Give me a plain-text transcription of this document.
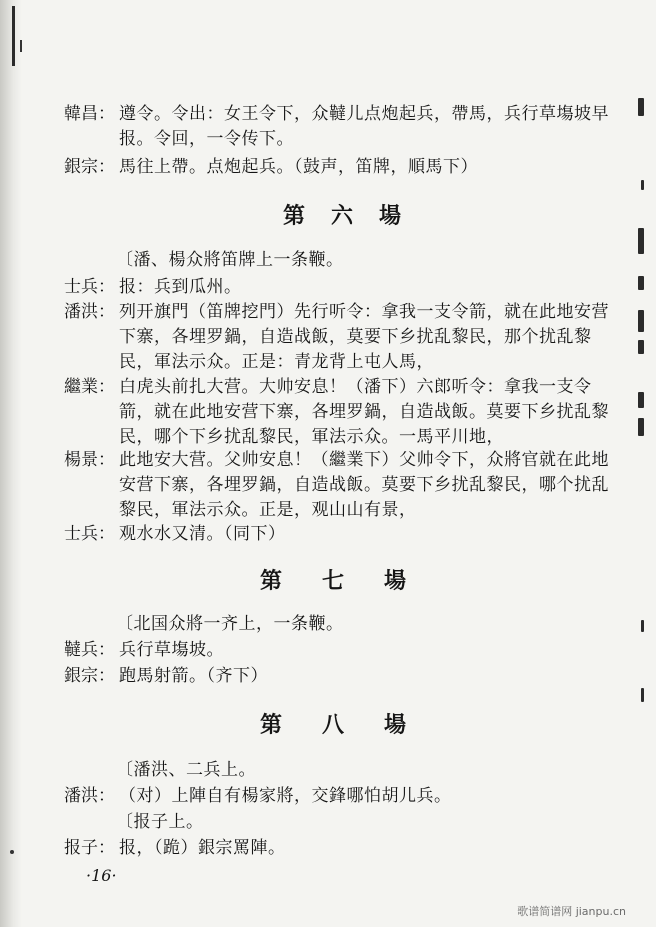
韓昌： 遵令。令出：女王令下，众韃儿点炮起兵，帶馬，兵行草塲坡早
报。令回，一令传下。
銀宗： 馬往上帶。点炮起兵。（鼓声，笛牌，順馬下）
第六場
〔潘、楊众將笛牌上一条鞭。
士兵： 报：兵到瓜州。
潘洪： 列开旗門（笛牌挖門）先行听令：拿我一支令箭，就在此地安营
下寨，各埋罗鍋，自造战飯，莫要下乡扰乱黎民，那个扰乱黎
民，軍法示众。正是：青龙背上屯人馬，
繼業： 白虎头前扎大营。大帅安息！（潘下）六郎听令：拿我一支令
箭，就在此地安营下寨，各埋罗鍋，自造战飯。莫要下乡扰乱黎
民，哪个下乡扰乱黎民，軍法示众。一馬平川地，
楊景： 此地安大营。父帅安息！（繼業下）父帅令下，众將官就在此地
安营下寨，各埋罗鍋，自造战飯。莫要下乡扰乱黎民，哪个扰乱
黎民，軍法示众。正是，观山山有景，
士兵： 观水水又清。（同下）
第七場
〔北国众將一齐上，一条鞭。
韃兵： 兵行草塲坡。
銀宗： 跑馬射箭。（齐下）
第八場
〔潘洪、二兵上。
潘洪： （对）上陣自有楊家將，交鋒哪怕胡儿兵。
〔报子上。
报子： 报，（跪）銀宗罵陣。
·16·
歌谱简谱网 jianpu.cn
